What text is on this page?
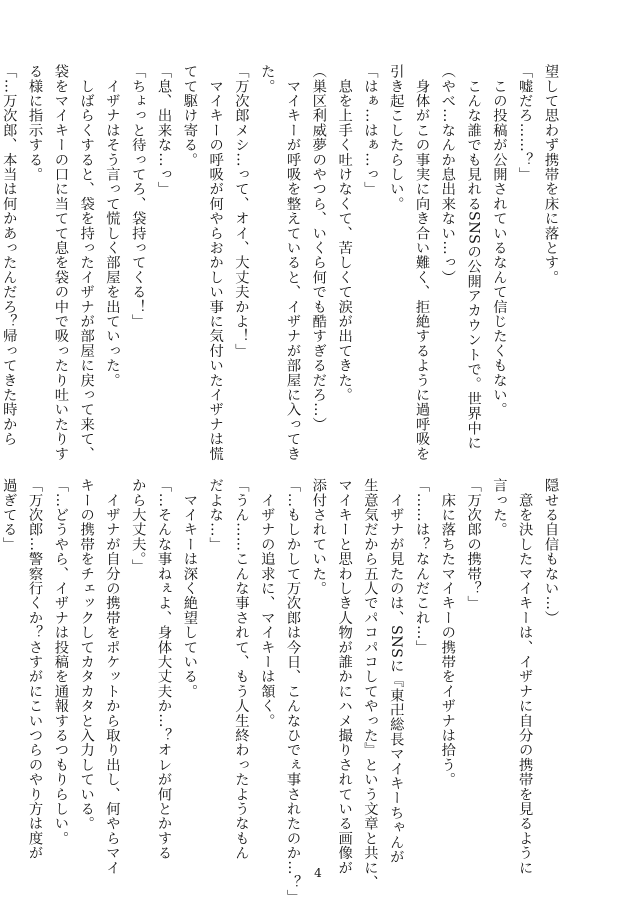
望して思わず携帯を床に落とす。

「嘘だろ……？」

　この投稿が公開されているなんて信じたくもない。

　こんな誰でも見れるSNSの公開アカウントで。世界中に

（やべ…なんか息出来ない…っ）

　身体がこの事実に向き合い難く、拒絶するように過呼吸を

引き起こしたらしい。

「はぁ…はぁ…っ」

　息を上手く吐けなくて、苦しくて涙が出てきた。

（巣区利威夢のやつら、いくら何でも酷すぎるだろ…）

　マイキーが呼吸を整えていると、イザナが部屋に入ってき

た。

「万次郎メシ…って、オイ、大丈夫かよ！」

　マイキーの呼吸が何やらおかしい事に気付いたイザナは慌

てて駆け寄る。

「息、出来な…っ」

「ちょっと待ってろ、袋持ってくる！」

　イザナはそう言って慌しく部屋を出ていった。

　しばらくすると、袋を持ったイザナが部屋に戻って来て、

袋をマイキーの口に当てて息を袋の中で吸ったり吐いたりす

る様に指示する。

「…万次郎、本当は何かあったんだろ？帰ってきた時から

隠せる自信もない…）

　意を決したマイキーは、イザナに自分の携帯を見るように

言った。

「万次郎の携帯？」

　床に落ちたマイキーの携帯をイザナは拾う。

「……は？なんだこれ…」

　イザナが見たのは、SNSに『東卍総長マイキーちゃんが

生意気だから五人でパコパコしてやった』という文章と共に、

マイキーと思わしき人物が誰かにハメ撮りされている画像が

添付されていた。

「…もしかして万次郎は今日、こんなひでぇ事されたのか…？」

　イザナの追求に、マイキーは頷く。

「うん……こんな事されて、もう人生終わったようなもん

だよな…」

　マイキーは深く絶望している。

「…そんな事ねぇよ、身体大丈夫か…？オレが何とかする

から大丈夫。」

　イザナが自分の携帯をポケットから取り出し、何やらマイ

キーの携帯をチェックしてカタカタと入力している。

「…どうやら、イザナは投稿を通報するつもりらしい。

「万次郎…警察行くか？さすがにこいつらのやり方は度が

過ぎてる」

4
